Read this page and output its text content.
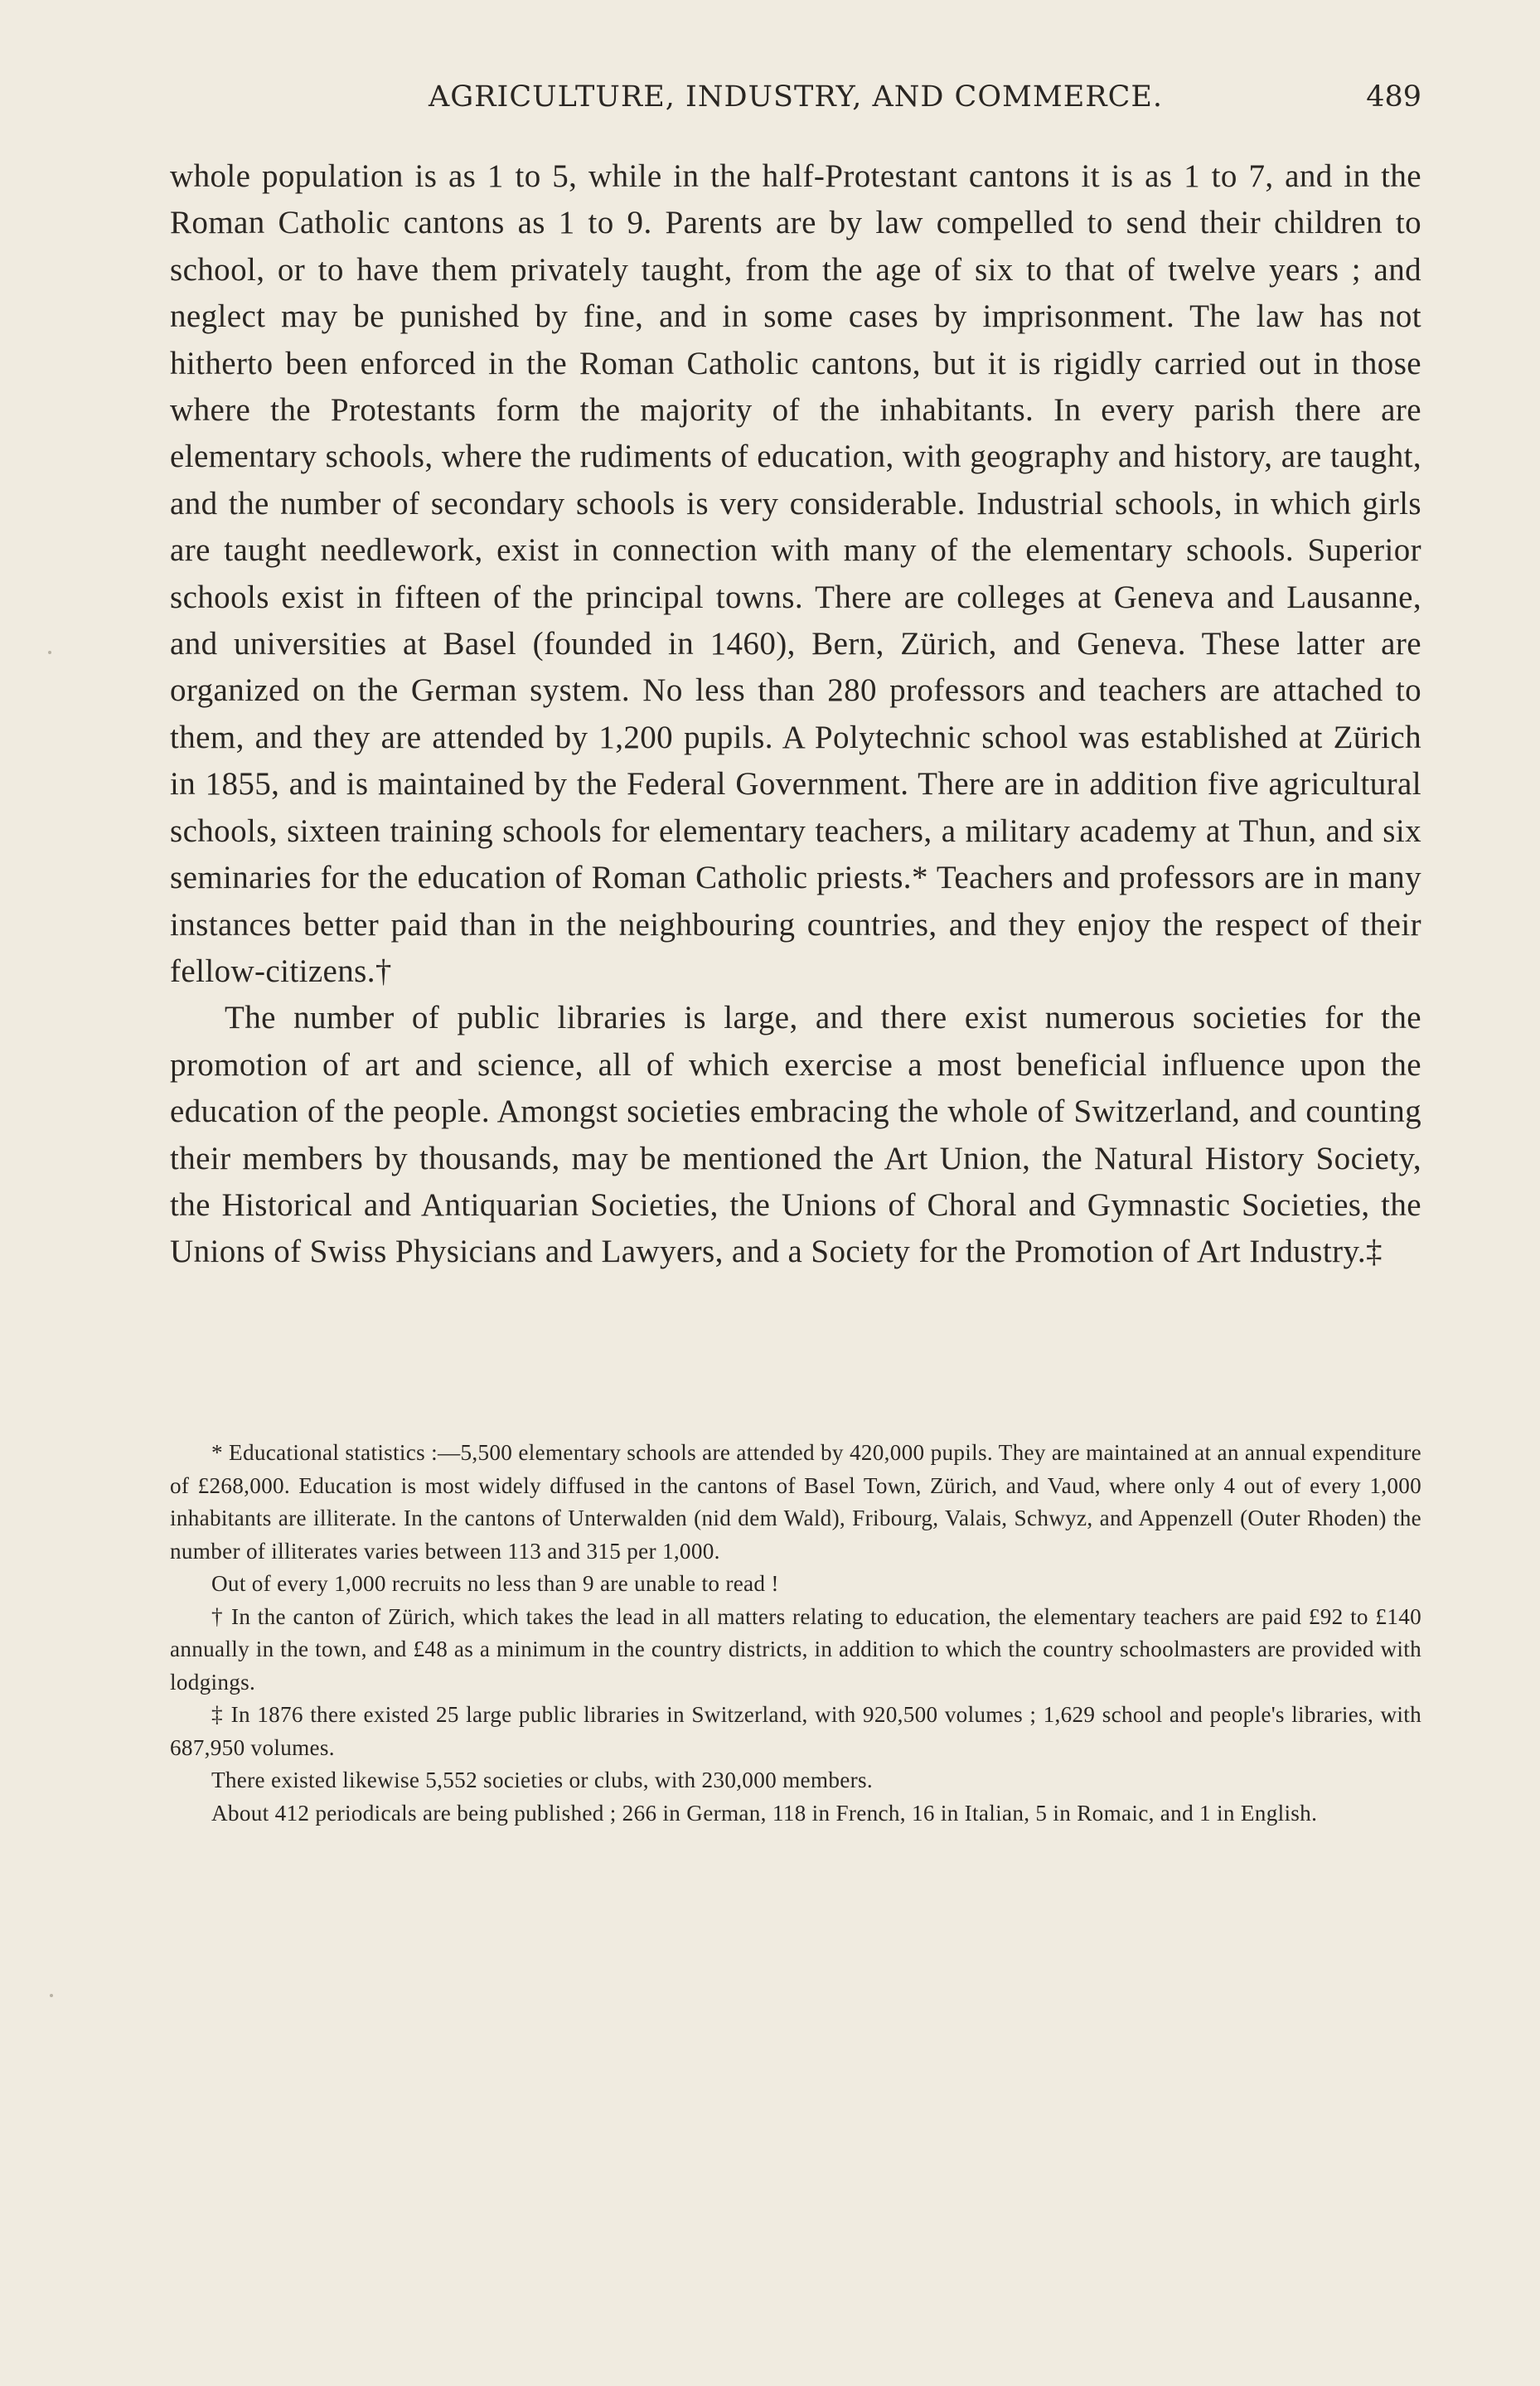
AGRICULTURE, INDUSTRY, AND COMMERCE.	489

whole population is as 1 to 5, while in the half-Protestant cantons it is as 1 to 7, and in the Roman Catholic cantons as 1 to 9. Parents are by law compelled to send their children to school, or to have them privately taught, from the age of six to that of twelve years ; and neglect may be punished by fine, and in some cases by imprisonment. The law has not hitherto been enforced in the Roman Catholic cantons, but it is rigidly carried out in those where the Protestants form the majority of the inhabitants. In every parish there are elementary schools, where the rudiments of education, with geography and history, are taught, and the number of secondary schools is very considerable. Industrial schools, in which girls are taught needlework, exist in connection with many of the elementary schools. Superior schools exist in fifteen of the principal towns. There are colleges at Geneva and Lausanne, and universities at Basel (founded in 1460), Bern, Zürich, and Geneva. These latter are organized on the German system. No less than 280 professors and teachers are attached to them, and they are attended by 1,200 pupils. A Polytechnic school was established at Zürich in 1855, and is maintained by the Federal Government. There are in addition five agricultural schools, sixteen training schools for elementary teachers, a military academy at Thun, and six seminaries for the education of Roman Catholic priests.* Teachers and professors are in many instances better paid than in the neighbouring countries, and they enjoy the respect of their fellow-citizens.†

The number of public libraries is large, and there exist numerous societies for the promotion of art and science, all of which exercise a most beneficial influence upon the education of the people. Amongst societies embracing the whole of Switzerland, and counting their members by thousands, may be mentioned the Art Union, the Natural History Society, the Historical and Antiquarian Societies, the Unions of Choral and Gymnastic Societies, the Unions of Swiss Physicians and Lawyers, and a Society for the Promotion of Art Industry.‡

* Educational statistics :—5,500 elementary schools are attended by 420,000 pupils. They are maintained at an annual expenditure of £268,000. Education is most widely diffused in the cantons of Basel Town, Zürich, and Vaud, where only 4 out of every 1,000 inhabitants are illiterate. In the cantons of Unterwalden (nid dem Wald), Fribourg, Valais, Schwyz, and Appenzell (Outer Rhoden) the number of illiterates varies between 113 and 315 per 1,000.

Out of every 1,000 recruits no less than 9 are unable to read !

† In the canton of Zürich, which takes the lead in all matters relating to education, the elementary teachers are paid £92 to £140 annually in the town, and £48 as a minimum in the country districts, in addition to which the country schoolmasters are provided with lodgings.

‡ In 1876 there existed 25 large public libraries in Switzerland, with 920,500 volumes ; 1,629 school and people's libraries, with 687,950 volumes.

There existed likewise 5,552 societies or clubs, with 230,000 members.

About 412 periodicals are being published ; 266 in German, 118 in French, 16 in Italian, 5 in Romaic, and 1 in English.
